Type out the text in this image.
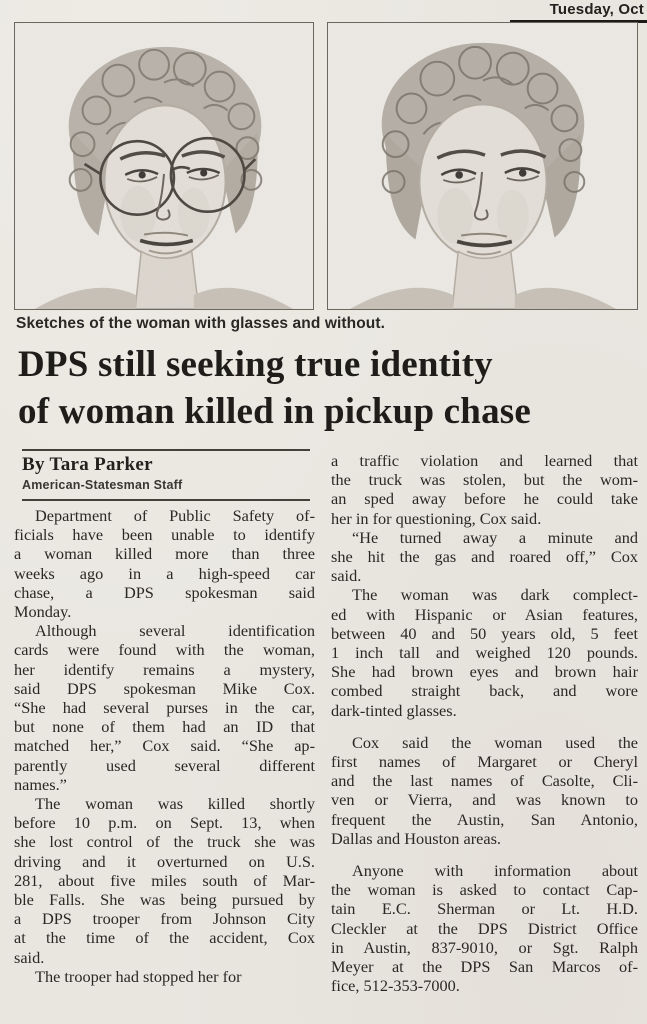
Tuesday, Oct
Sketches of the woman with glasses and without.
DPS still seeking true identity
of woman killed in pickup chase
By Tara Parker
American-Statesman Staff
Department of Public Safety of-
ficials have been unable to identify
a woman killed more than three
weeks ago in a high-speed car
chase, a DPS spokesman said
Monday.
Although several identification
cards were found with the woman,
her identify remains a mystery,
said DPS spokesman Mike Cox.
“She had several purses in the car,
but none of them had an ID that
matched her,” Cox said. “She ap-
parently used several different
names.”
The woman was killed shortly
before 10 p.m. on Sept. 13, when
she lost control of the truck she was
driving and it overturned on U.S.
281, about five miles south of Mar-
ble Falls. She was being pursued by
a DPS trooper from Johnson City
at the time of the accident, Cox
said.
The trooper had stopped her for
a traffic violation and learned that
the truck was stolen, but the wom-
an sped away before he could take
her in for questioning, Cox said.
“He turned away a minute and
she hit the gas and roared off,” Cox
said.
The woman was dark complect-
ed with Hispanic or Asian features,
between 40 and 50 years old, 5 feet
1 inch tall and weighed 120 pounds.
She had brown eyes and brown hair
combed straight back, and wore
dark-tinted glasses.
Cox said the woman used the
first names of Margaret or Cheryl
and the last names of Casolte, Cli-
ven or Vierra, and was known to
frequent the Austin, San Antonio,
Dallas and Houston areas.
Anyone with information about
the woman is asked to contact Cap-
tain E.C. Sherman or Lt. H.D.
Cleckler at the DPS District Office
in Austin, 837-9010, or Sgt. Ralph
Meyer at the DPS San Marcos of-
fice, 512-353-7000.
